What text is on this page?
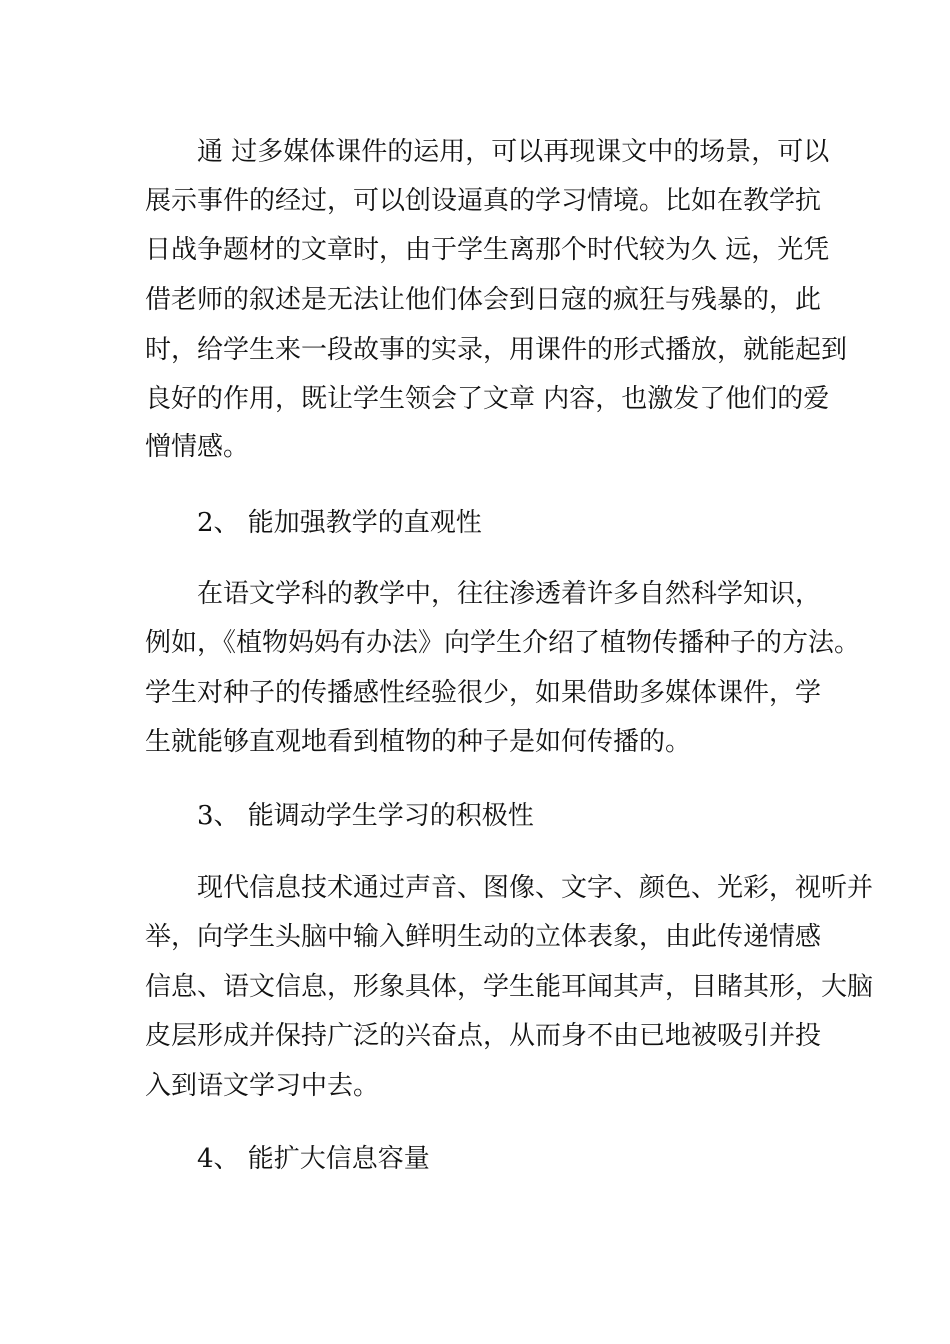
通 过多媒体课件的运用，可以再现课文中的场景，可以
展示事件的经过，可以创设逼真的学习情境。比如在教学抗
日战争题材的文章时，由于学生离那个时代较为久 远，光凭
借老师的叙述是无法让他们体会到日寇的疯狂与残暴的，此
时，给学生来一段故事的实录，用课件的形式播放，就能起到
良好的作用，既让学生领会了文章 内容，也激发了他们的爱
憎情感。
2、 能加强教学的直观性
在语文学科的教学中，往往渗透着许多自然科学知识，
例如，《植物妈妈有办法》向学生介绍了植物传播种子的方法。
学生对种子的传播感性经验很少，如果借助多媒体课件，学
生就能够直观地看到植物的种子是如何传播的。
3、 能调动学生学习的积极性
现代信息技术通过声音、图像、文字、颜色、光彩，视听并
举，向学生头脑中输入鲜明生动的立体表象，由此传递情感
信息、语文信息，形象具体，学生能耳闻其声，目睹其形，大脑
皮层形成并保持广泛的兴奋点，从而身不由已地被吸引并投
入到语文学习中去。
4、 能扩大信息容量
